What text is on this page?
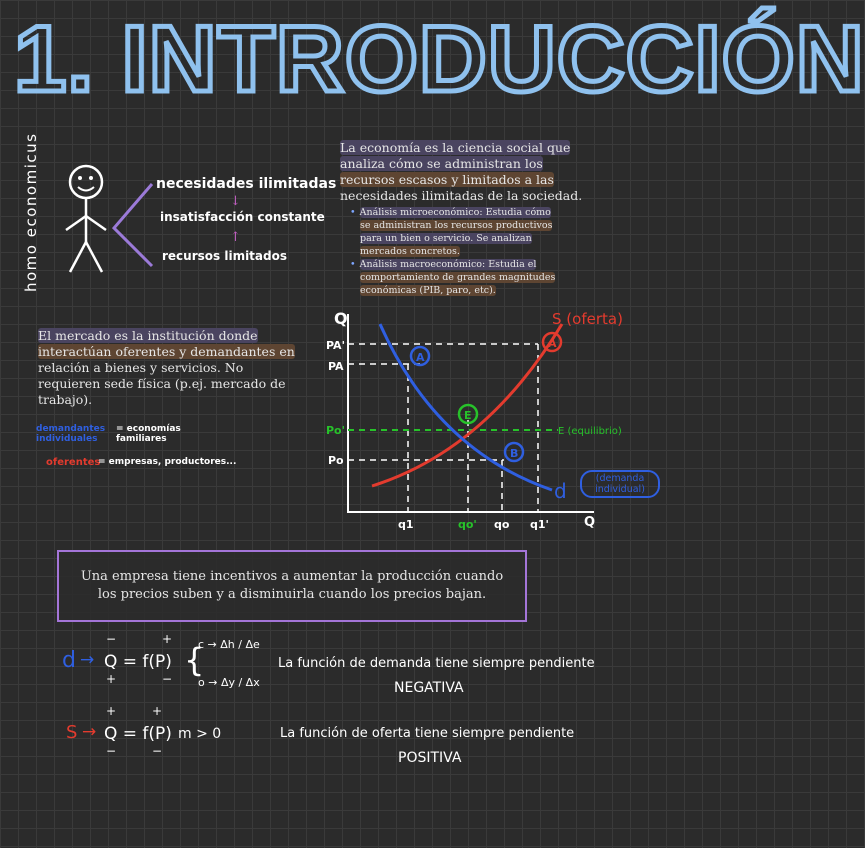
1. INTRODUCCIÓN
homo economicus	necesidades ilimitadas
↓
insatisfacción constante
↑
recursos limitados
La economía es la ciencia social que
analiza cómo se administran los
recursos escasos y limitados a las
necesidades ilimitadas de la sociedad.
• Análisis microeconómico: Estudia cómo
se administran los recursos productivos
para un bien o servicio. Se analizan
mercados concretos.
• Análisis macroeconómico: Estudia el
comportamiento de grandes magnitudes
económicas (PIB, paro, etc).
El mercado es la institución donde
interactúan oferentes y demandantes en
relación a bienes y servicios. No
requieren sede física (p.ej. mercado de
trabajo).
demandantes individuales
= economías familiares
oferentes
= empresas, productores...
A
A
E
B
Q
Q
PA'
PA
Po'
Po
q1	qo' qo q1'
S (oferta)
E (equilibrio)
d
(demanda individual)
Una empresa tiene incentivos a aumentar la producción cuando
los precios suben y a disminuirla cuando los precios bajan.
d → Q = f(P)
−+
+−
{
c → Δh / Δe
o → Δy / Δx
La función de demanda tiene siempre pendiente
NEGATIVA
S → Q = f(P)
++
−−
m > 0	La función de oferta tiene siempre pendiente
POSITIVA
